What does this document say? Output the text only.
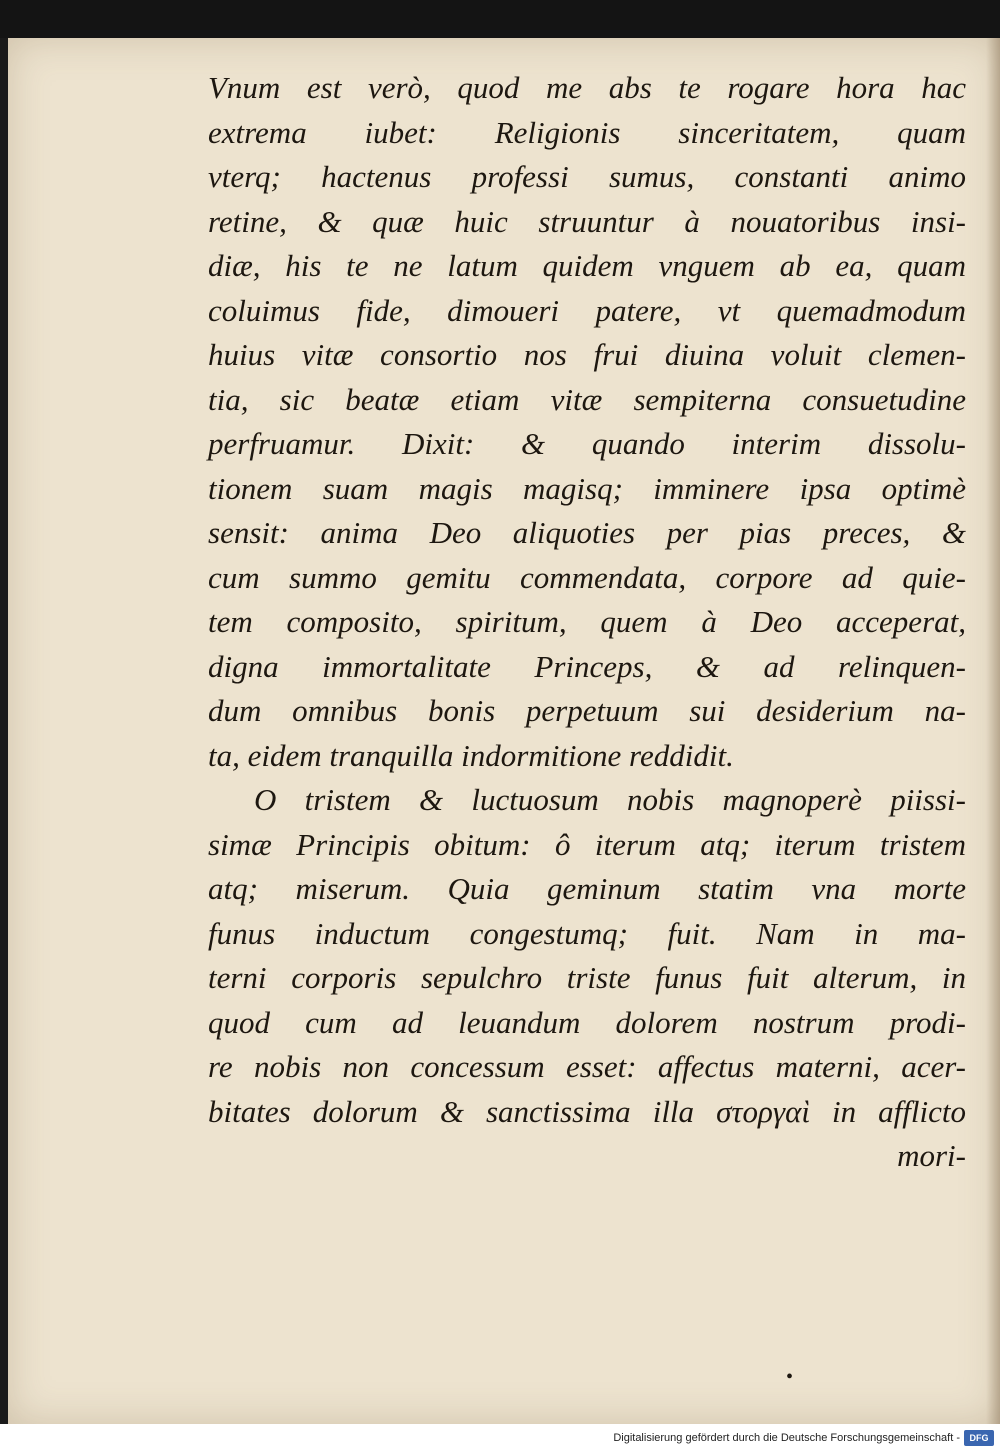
Vnum est verò, quod me abs te rogare hora hac
extrema iubet: Religionis sinceritatem, quam
vterq; hactenus professi sumus, constanti animo
retine, & quæ huic struuntur à nouatoribus insi-
diæ, his te ne latum quidem vnguem ab ea, quam
coluimus fide, dimoueri patere, vt quemadmodum
huius vitæ consortio nos frui diuina voluit clemen-
tia, sic beatæ etiam vitæ sempiterna consuetudine
perfruamur. Dixit: & quando interim dissolu-
tionem suam magis magisq; imminere ipsa optimè
sensit: anima Deo aliquoties per pias preces, &
cum summo gemitu commendata, corpore ad quie-
tem composito, spiritum, quem à Deo acceperat,
digna immortalitate Princeps, & ad relinquen-
dum omnibus bonis perpetuum sui desiderium na-
ta, eidem tranquilla indormitione reddidit.
O tristem & luctuosum nobis magnoperè piissi-
simæ Principis obitum: ô iterum atq; iterum tristem
atq; miserum. Quia geminum statim vna morte
funus inductum congestumq; fuit. Nam in ma-
terni corporis sepulchro triste funus fuit alterum, in
quod cum ad leuandum dolorem nostrum prodi-
re nobis non concessum esset: affectus materni, acer-
bitates dolorum & sanctissima illa στοργαὶ in afflicto
mori-
•
Digitalisierung gefördert durch die Deutsche Forschungsgemeinschaft -	DFG
